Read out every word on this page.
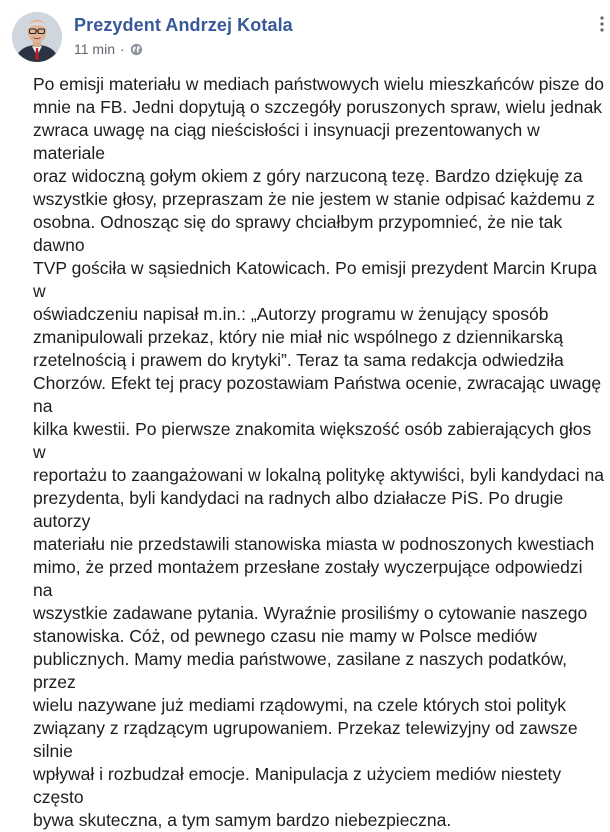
Prezydent Andrzej Kotala
11 min ·
Po emisji materiału w mediach państwowych wielu mieszkańców pisze do
mnie na FB. Jedni dopytują o szczegóły poruszonych spraw, wielu jednak
zwraca uwagę na ciąg nieścisłości i insynuacji prezentowanych w materiale
oraz widoczną gołym okiem z góry narzuconą tezę. Bardzo dziękuję za
wszystkie głosy, przepraszam że nie jestem w stanie odpisać każdemu z
osobna. Odnosząc się do sprawy chciałbym przypomnieć, że nie tak dawno
TVP gościła w sąsiednich Katowicach. Po emisji prezydent Marcin Krupa w
oświadczeniu napisał m.in.: „Autorzy programu w żenujący sposób
zmanipulowali przekaz, który nie miał nic wspólnego z dziennikarską
rzetelnością i prawem do krytyki”. Teraz ta sama redakcja odwiedziła
Chorzów. Efekt tej pracy pozostawiam Państwa ocenie, zwracając uwagę na
kilka kwestii. Po pierwsze znakomita większość osób zabierających głos w
reportażu to zaangażowani w lokalną politykę aktywiści, byli kandydaci na
prezydenta, byli kandydaci na radnych albo działacze PiS. Po drugie autorzy
materiału nie przedstawili stanowiska miasta w podnoszonych kwestiach
mimo, że przed montażem przesłane zostały wyczerpujące odpowiedzi na
wszystkie zadawane pytania. Wyraźnie prosiliśmy o cytowanie naszego
stanowiska. Cóż, od pewnego czasu nie mamy w Polsce mediów
publicznych. Mamy media państwowe, zasilane z naszych podatków, przez
wielu nazywane już mediami rządowymi, na czele których stoi polityk
związany z rządzącym ugrupowaniem. Przekaz telewizyjny od zawsze silnie
wpływał i rozbudzał emocje. Manipulacja z użyciem mediów niestety często
bywa skuteczna, a tym samym bardzo niebezpieczna.
